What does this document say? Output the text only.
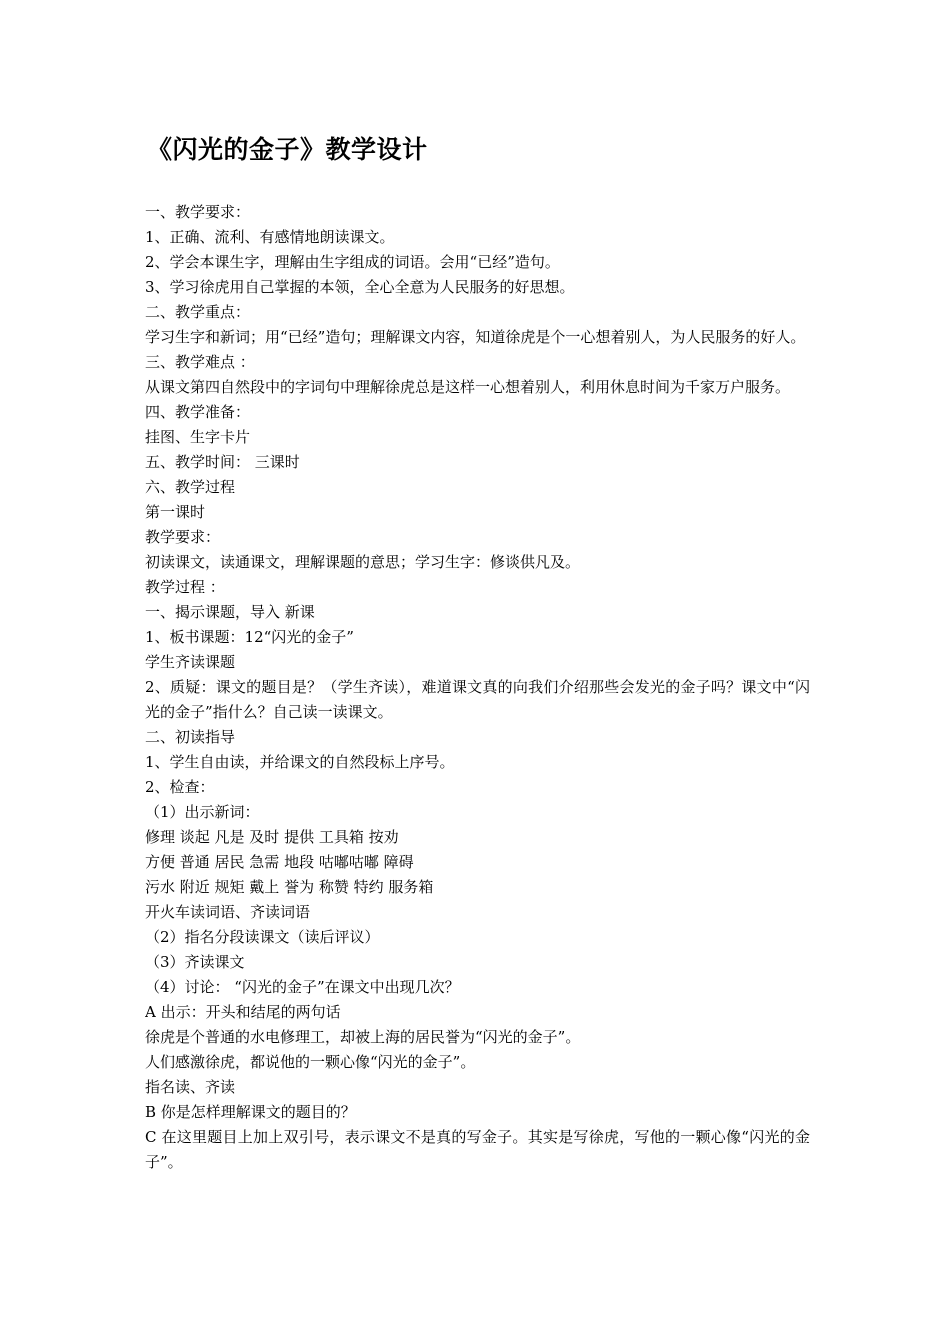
《闪光的金子》教学设计
一、教学要求：
1、正确、流利、有感情地朗读课文。
2、学会本课生字，理解由生字组成的词语。会用“已经”造句。
3、学习徐虎用自己掌握的本领，全心全意为人民服务的好思想。
二、教学重点：
学习生字和新词；用“已经”造句；理解课文内容，知道徐虎是个一心想着别人，为人民服务的好人。
三、教学难点 ：
从课文第四自然段中的字词句中理解徐虎总是这样一心想着别人，利用休息时间为千家万户服务。
四、教学准备：
挂图、生字卡片
五、教学时间： 三课时
六、教学过程
第一课时
教学要求：
初读课文，读通课文，理解课题的意思；学习生字：修谈供凡及。
教学过程 ：
一、揭示课题，导入 新课
1、板书课题：12“闪光的金子”
学生齐读课题
2、质疑：课文的题目是？（学生齐读），难道课文真的向我们介绍那些会发光的金子吗？课文中“闪光的金子”指什么？自己读一读课文。
二、初读指导
1、学生自由读，并给课文的自然段标上序号。
2、检查：
（1）出示新词：
修理 谈起 凡是 及时 提供 工具箱 按劝
方便 普通 居民 急需 地段 咕嘟咕嘟 障碍
污水 附近 规矩 戴上 誉为 称赞 特约 服务箱
开火车读词语、齐读词语
（2）指名分段读课文（读后评议）
（3）齐读课文
（4）讨论： “闪光的金子”在课文中出现几次？
A 出示：开头和结尾的两句话
徐虎是个普通的水电修理工，却被上海的居民誉为“闪光的金子”。
人们感激徐虎，都说他的一颗心像“闪光的金子”。
指名读、齐读
B 你是怎样理解课文的题目的？
C 在这里题目上加上双引号，表示课文不是真的写金子。其实是写徐虎，写他的一颗心像“闪光的金子”。
